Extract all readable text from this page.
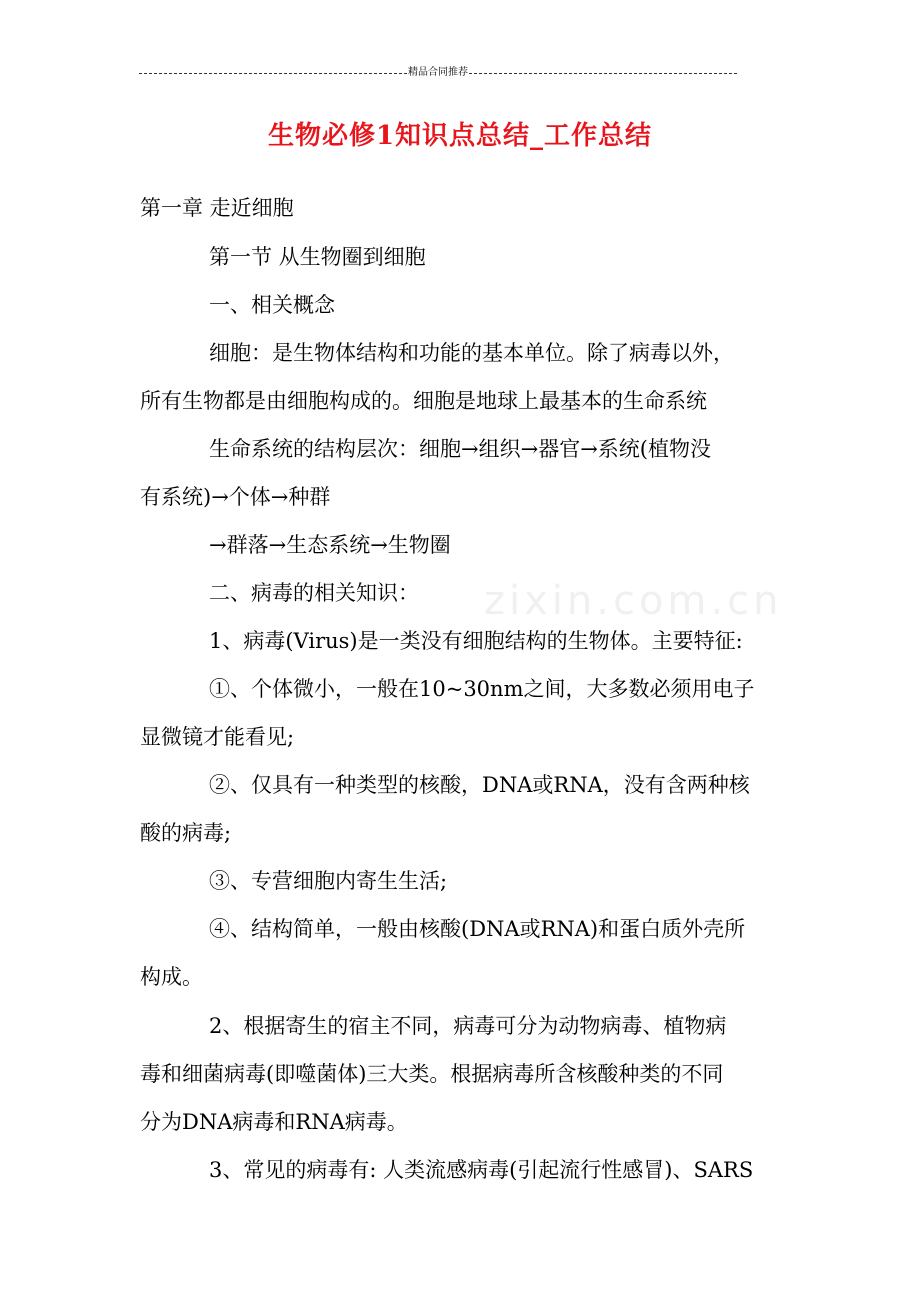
精品合同推荐
生物必修1知识点总结_工作总结
zixin.com.cn
第一章 走近细胞
第一节 从生物圈到细胞
一、相关概念
细胞：是生物体结构和功能的基本单位。除了病毒以外，
所有生物都是由细胞构成的。细胞是地球上最基本的生命系统
生命系统的结构层次：细胞→组织→器官→系统(植物没
有系统)→个体→种群
→群落→生态系统→生物圈
二、病毒的相关知识：
1、病毒(Virus)是一类没有细胞结构的生物体。主要特征:
①、个体微小，一般在10~30nm之间，大多数必须用电子
显微镜才能看见;
②、仅具有一种类型的核酸，DNA或RNA，没有含两种核
酸的病毒;
③、专营细胞内寄生生活;
④、结构简单，一般由核酸(DNA或RNA)和蛋白质外壳所
构成。
2、根据寄生的宿主不同，病毒可分为动物病毒、植物病
毒和细菌病毒(即噬菌体)三大类。根据病毒所含核酸种类的不同
分为DNA病毒和RNA病毒。
3、常见的病毒有: 人类流感病毒(引起流行性感冒)、SARS
